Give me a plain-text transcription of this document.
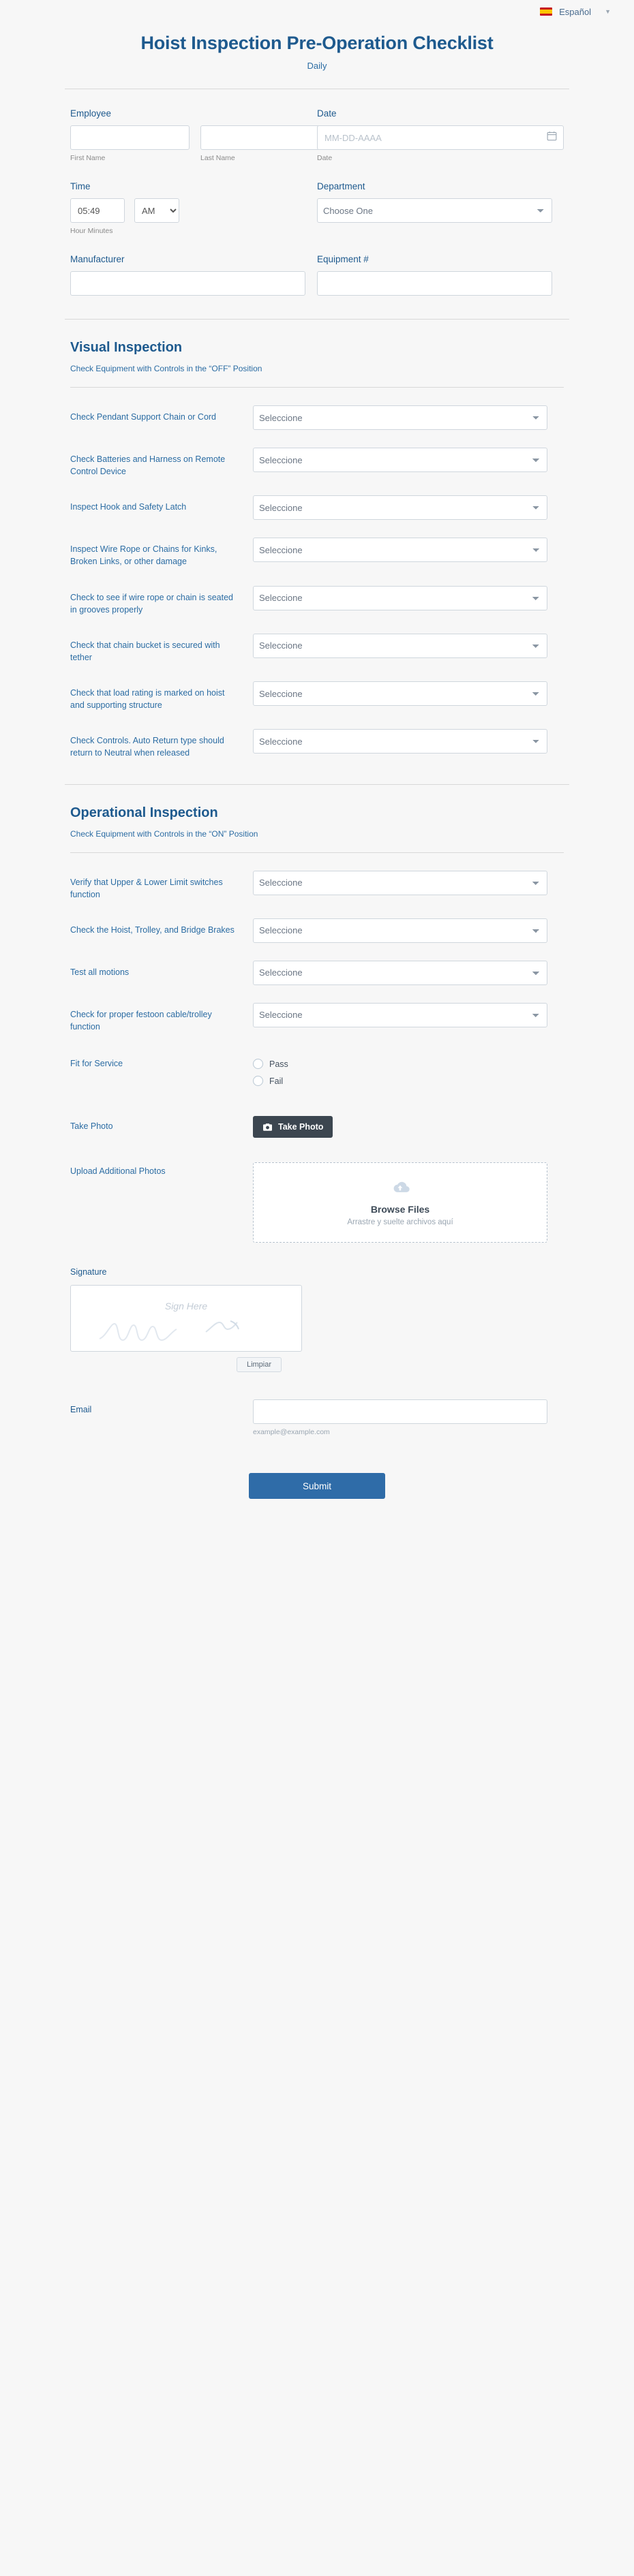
Español ▼
Hoist Inspection Pre-Operation Checklist
Daily
Employee
First Name	Last Name
Date
MM-DD-AAAA
Date
Time
05:49
AM
Hour Minutes
Department
Choose One
Manufacturer	Equipment #
Visual Inspection
Check Equipment with Controls in the “OFF” Position
Check Pendant Support Chain or Cord
Seleccione
Check Batteries and Harness on Remote Control Device
Seleccione
Inspect Hook and Safety Latch
Seleccione
Inspect Wire Rope or Chains for Kinks, Broken Links, or other damage
Seleccione
Check to see if wire rope or chain is seated in grooves properly
Seleccione
Check that chain bucket is secured with tether
Seleccione
Check that load rating is marked on hoist and supporting structure
Seleccione
Check Controls. Auto Return type should return to Neutral when released
Seleccione
Operational Inspection
Check Equipment with Controls in the “ON” Position
Verify that Upper & Lower Limit switches function
Seleccione
Check the Hoist, Trolley, and Bridge Brakes
Seleccione
Test all motions
Seleccione
Check for proper festoon cable/trolley function
Seleccione
Fit for Service	Pass
Fail
Take Photo	Take Photo
Upload Additional Photos
Browse Files
Arrastre y suelte archivos aquí
Signature
Sign Here
Limpiar
Email
example@example.com
Submit
